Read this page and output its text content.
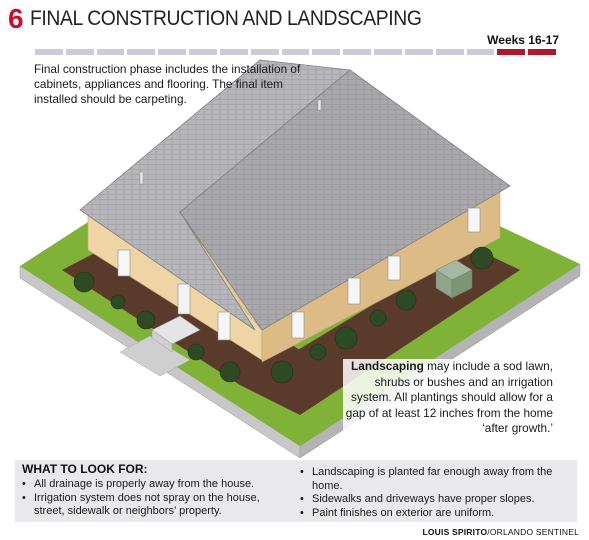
6 FINAL CONSTRUCTION AND LANDSCAPING
Weeks 16-17
Final construction phase includes the installation of cabinets, appliances and flooring. The final item installed should be carpeting.
Landscaping may include a sod lawn, shrubs or bushes and an irrigation system. All plantings should allow for a gap of at least 12 inches from the home ‘after growth.’
WHAT TO LOOK FOR:
• All drainage is properly away from the house.
• Irrigation system does not spray on the house, street, sidewalk or neighbors’ property.
• Landscaping is planted far enough away from the home.
• Sidewalks and driveways have proper slopes.
• Paint finishes on exterior are uniform.
LOUIS SPIRITO/ORLANDO SENTINEL
